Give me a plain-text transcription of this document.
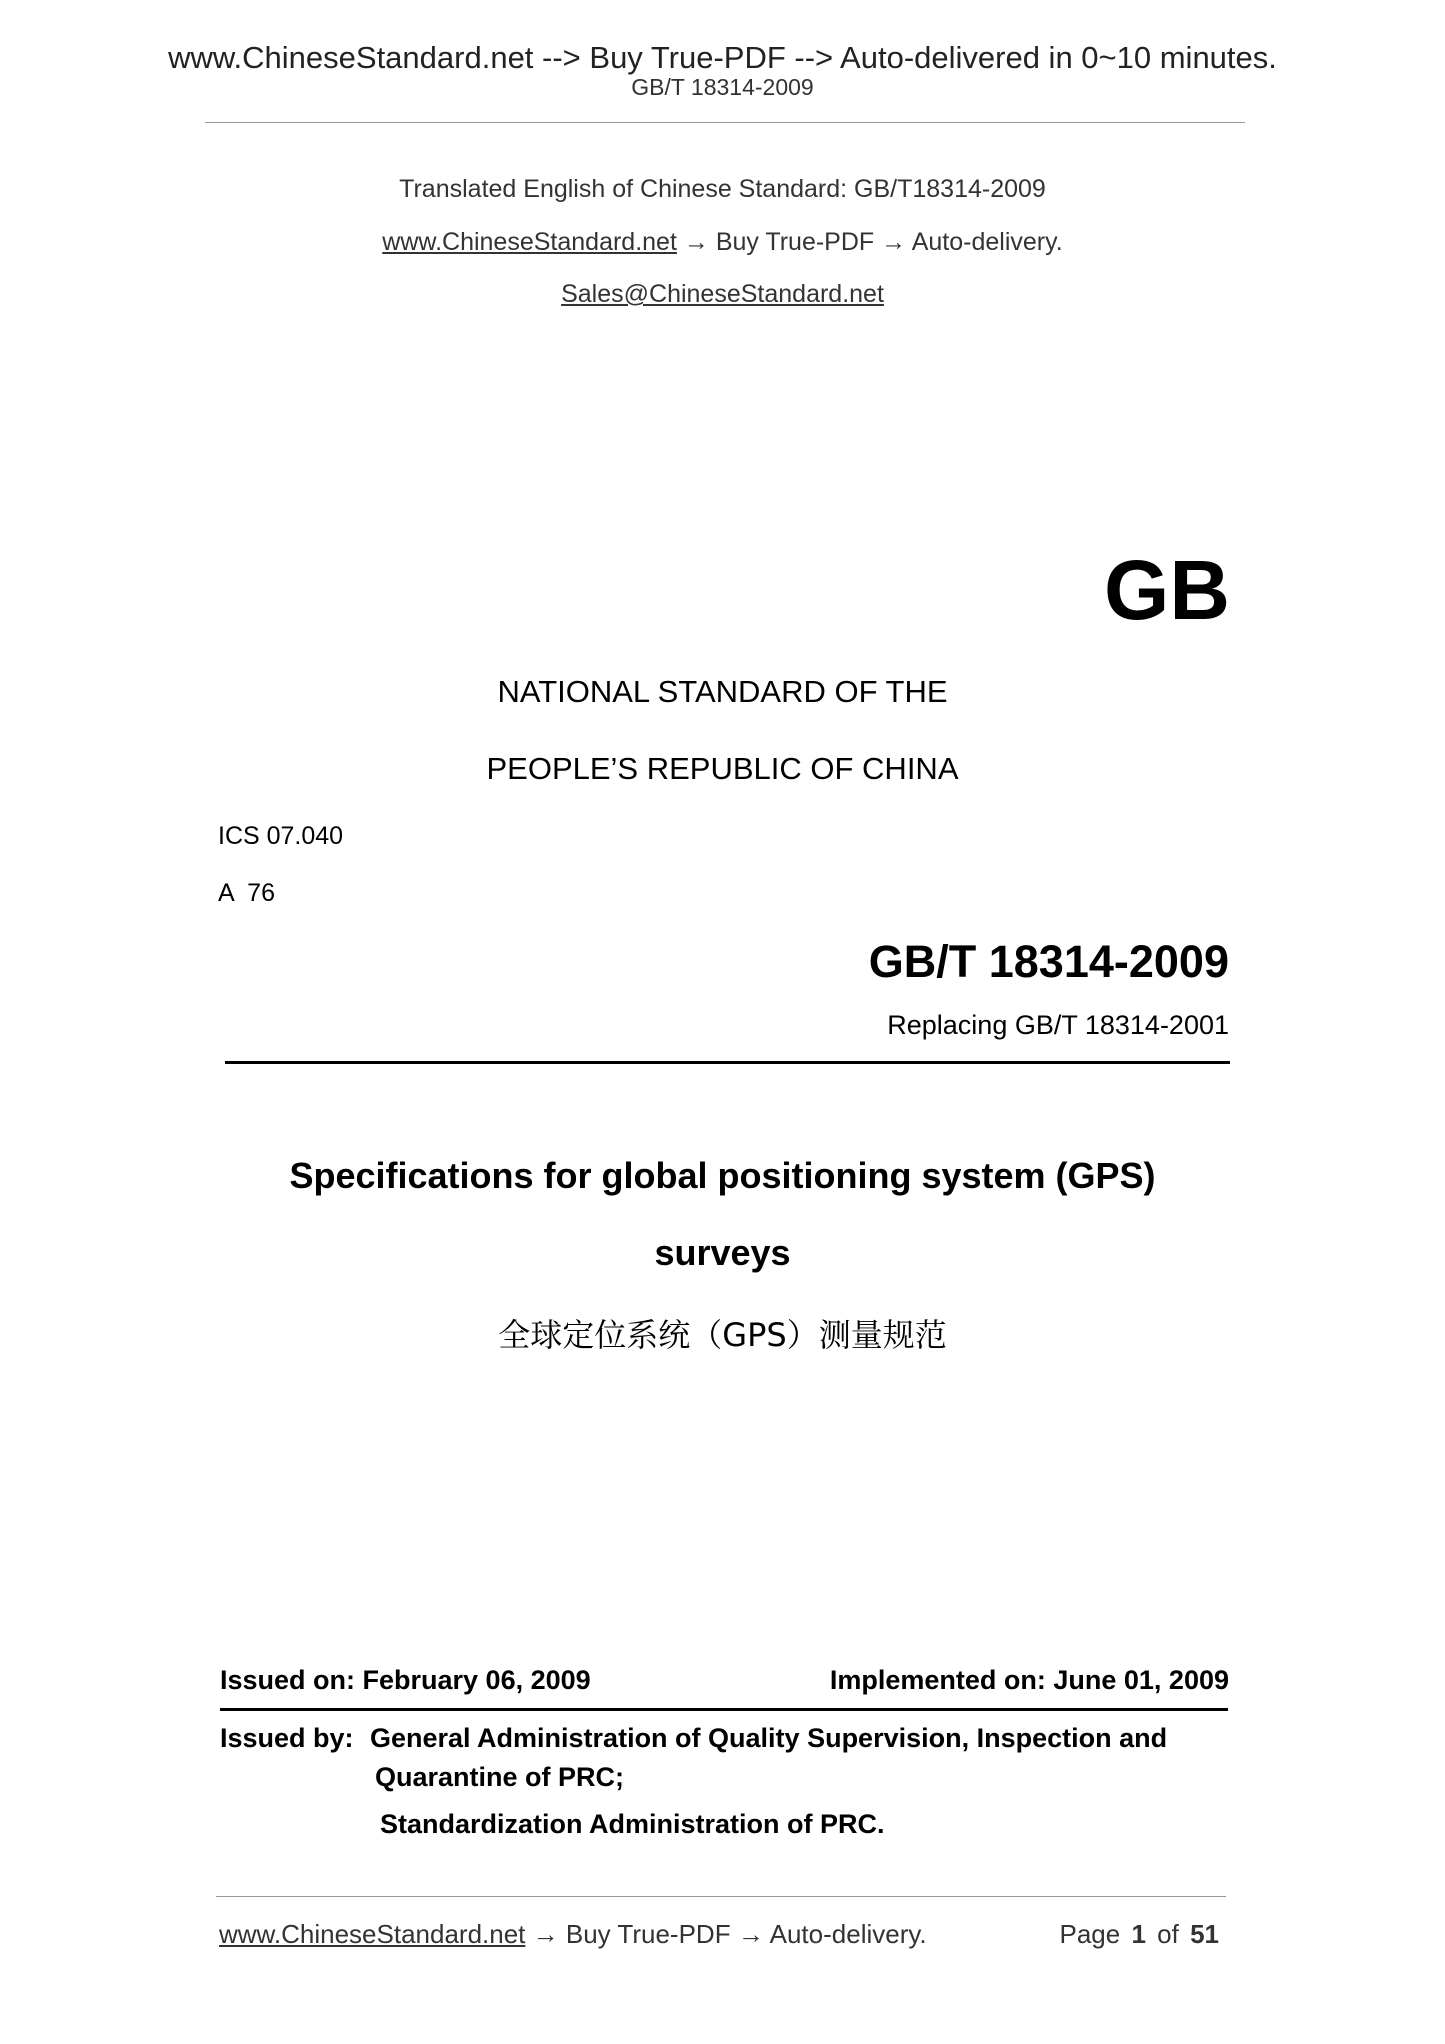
www.ChineseStandard.net --> Buy True-PDF --> Auto-delivered in 0~10 minutes.
GB/T 18314-2009
Translated English of Chinese Standard: GB/T18314-2009
www.ChineseStandard.net → Buy True-PDF → Auto-delivery.
Sales@ChineseStandard.net
GB
NATIONAL STANDARD OF THE
PEOPLE’S REPUBLIC OF CHINA
ICS 07.040
A  76
GB/T 18314-2009
Replacing GB/T 18314-2001
Specifications for global positioning system (GPS)
surveys
全球定位系统（GPS）测量规范
Issued on: February 06, 2009	Implemented on: June 01, 2009
Issued by: General Administration of Quality Supervision, Inspection and
Quarantine of PRC;
Standardization Administration of PRC.
www.ChineseStandard.net → Buy True-PDF → Auto-delivery.	Page 1 of 51
